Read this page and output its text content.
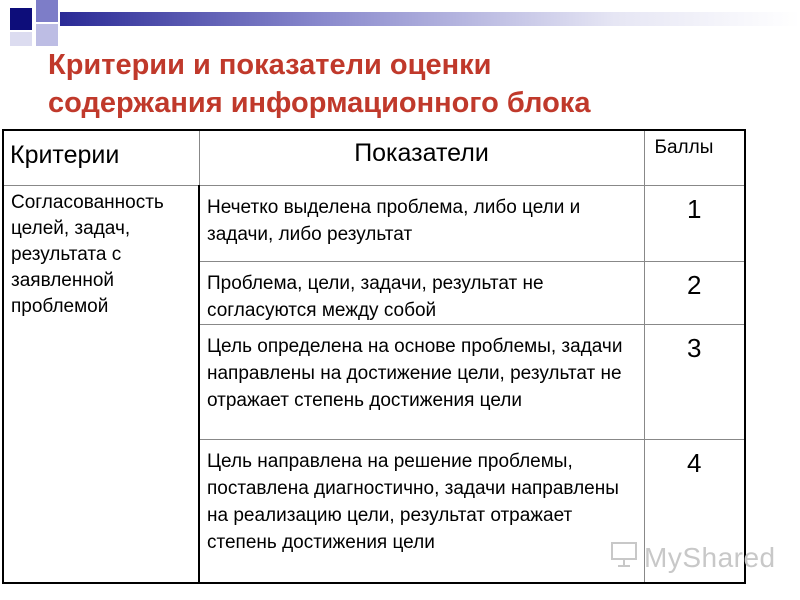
Критерии и показатели оценки
содержания информационного блока
Критерии	Показатели	Баллы
Согласованность целей, задач, результата с заявленной проблемой	Нечетко выделена проблема, либо цели и задачи, либо результат	1
	Проблема, цели, задачи, результат не согласуются между собой	2
	Цель определена на основе проблемы, задачи направлены на достижение цели, результат не отражает степень достижения цели	3
	Цель направлена на решение проблемы, поставлена диагностично, задачи направлены на реализацию цели, результат отражает степень достижения цели	4
MyShared
